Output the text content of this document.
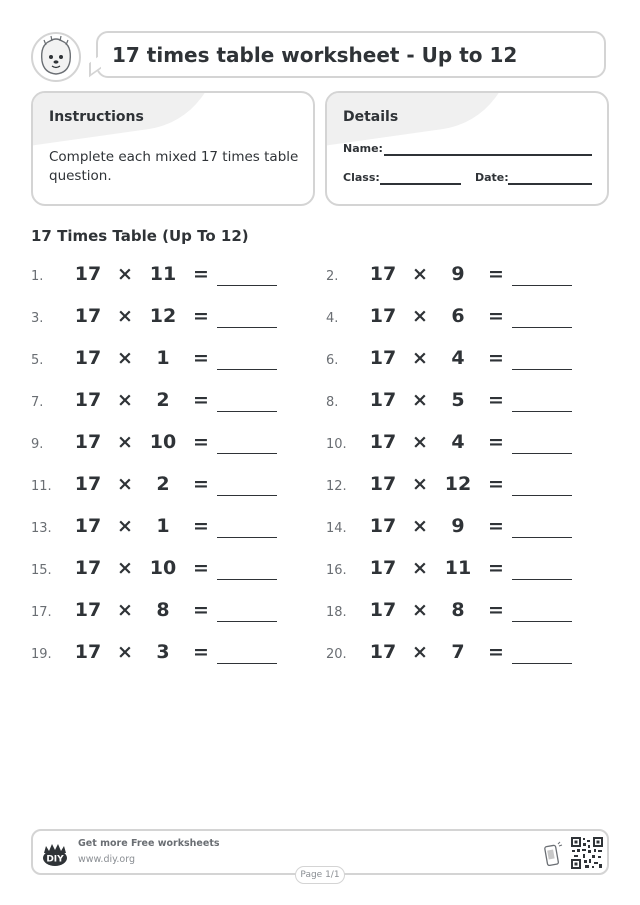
17 times table worksheet - Up to 12
Instructions
Complete each mixed 17 times table question.
Details
Name:
Class:	Date:
17 Times Table (Up To 12)
1. 17 × 11 =	2. 17 ×	9	=
3. 17 × 12 =	4. 17 ×	6	=
5. 17 ×	1	=	6. 17 ×	4	=
7. 17 ×	2	=	8. 17 ×	5	=
9. 17 × 10 =	10. 17 ×	4	=
11. 17 ×	2	=	12. 17 × 12 =
13. 17 ×	1	=	14. 17 ×	9	=
15. 17 × 10 =	16. 17 × 11 =
17. 17 ×	8	=	18. 17 ×	8	=
19. 17 ×	3	=	20. 17 ×	7	=
DIY
Get more Free worksheets
www.diy.org
Page 1/1
